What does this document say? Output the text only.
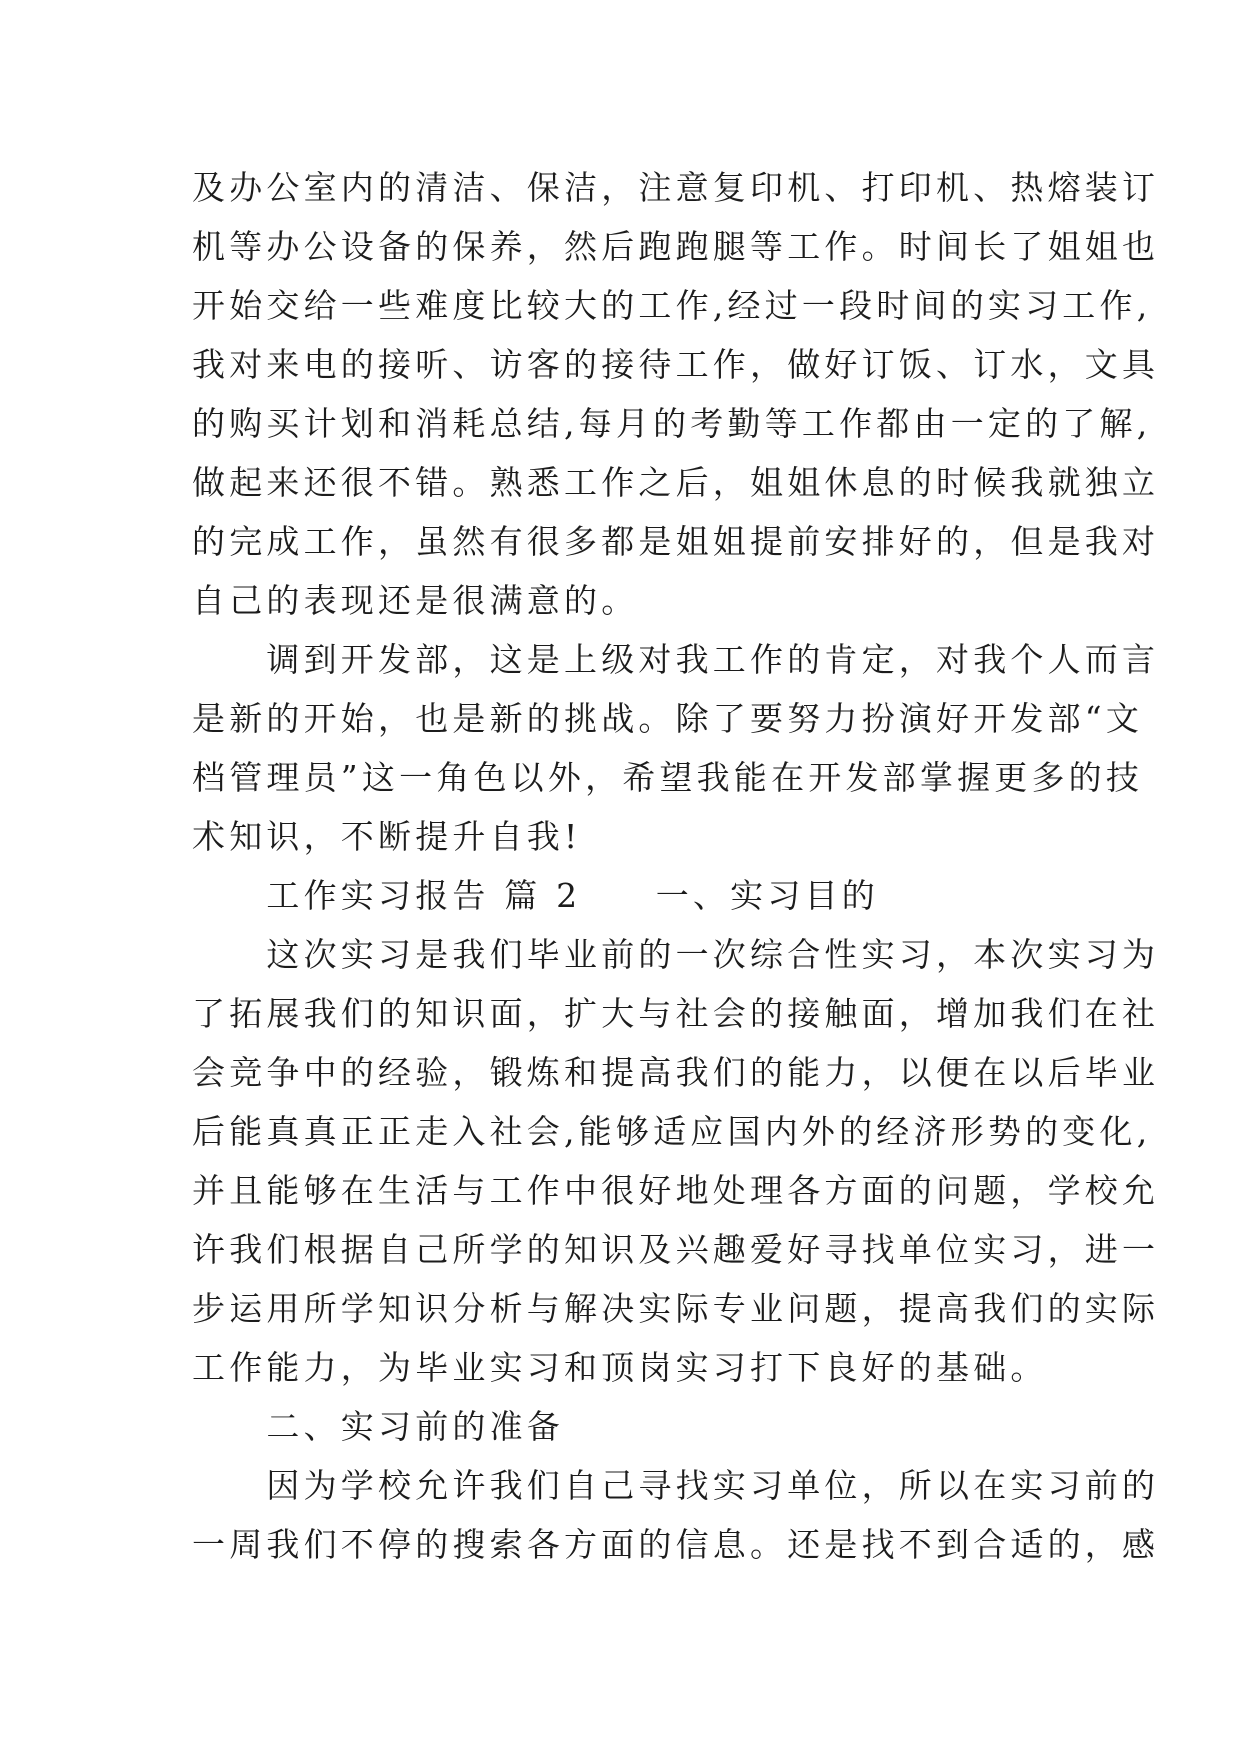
及办公室内的清洁、保洁，注意复印机、打印机、热熔装订
机等办公设备的保养，然后跑跑腿等工作。时间长了姐姐也
开始交给一些难度比较大的工作,经过一段时间的实习工作,
我对来电的接听、访客的接待工作，做好订饭、订水，文具
的购买计划和消耗总结,每月的考勤等工作都由一定的了解,
做起来还很不错。熟悉工作之后，姐姐休息的时候我就独立
的完成工作，虽然有很多都是姐姐提前安排好的，但是我对
自己的表现还是很满意的。
　　调到开发部，这是上级对我工作的肯定，对我个人而言
是新的开始，也是新的挑战。除了要努力扮演好开发部“文
档管理员”这一角色以外，希望我能在开发部掌握更多的技
术知识，不断提升自我!
　　工作实习报告 篇 2　　一、实习目的
　　这次实习是我们毕业前的一次综合性实习，本次实习为
了拓展我们的知识面，扩大与社会的接触面，增加我们在社
会竞争中的经验，锻炼和提高我们的能力，以便在以后毕业
后能真真正正走入社会,能够适应国内外的经济形势的变化,
并且能够在生活与工作中很好地处理各方面的问题，学校允
许我们根据自己所学的知识及兴趣爱好寻找单位实习，进一
步运用所学知识分析与解决实际专业问题，提高我们的实际
工作能力，为毕业实习和顶岗实习打下良好的基础。
　　二、实习前的准备
　　因为学校允许我们自己寻找实习单位，所以在实习前的
一周我们不停的搜索各方面的信息。还是找不到合适的，感
